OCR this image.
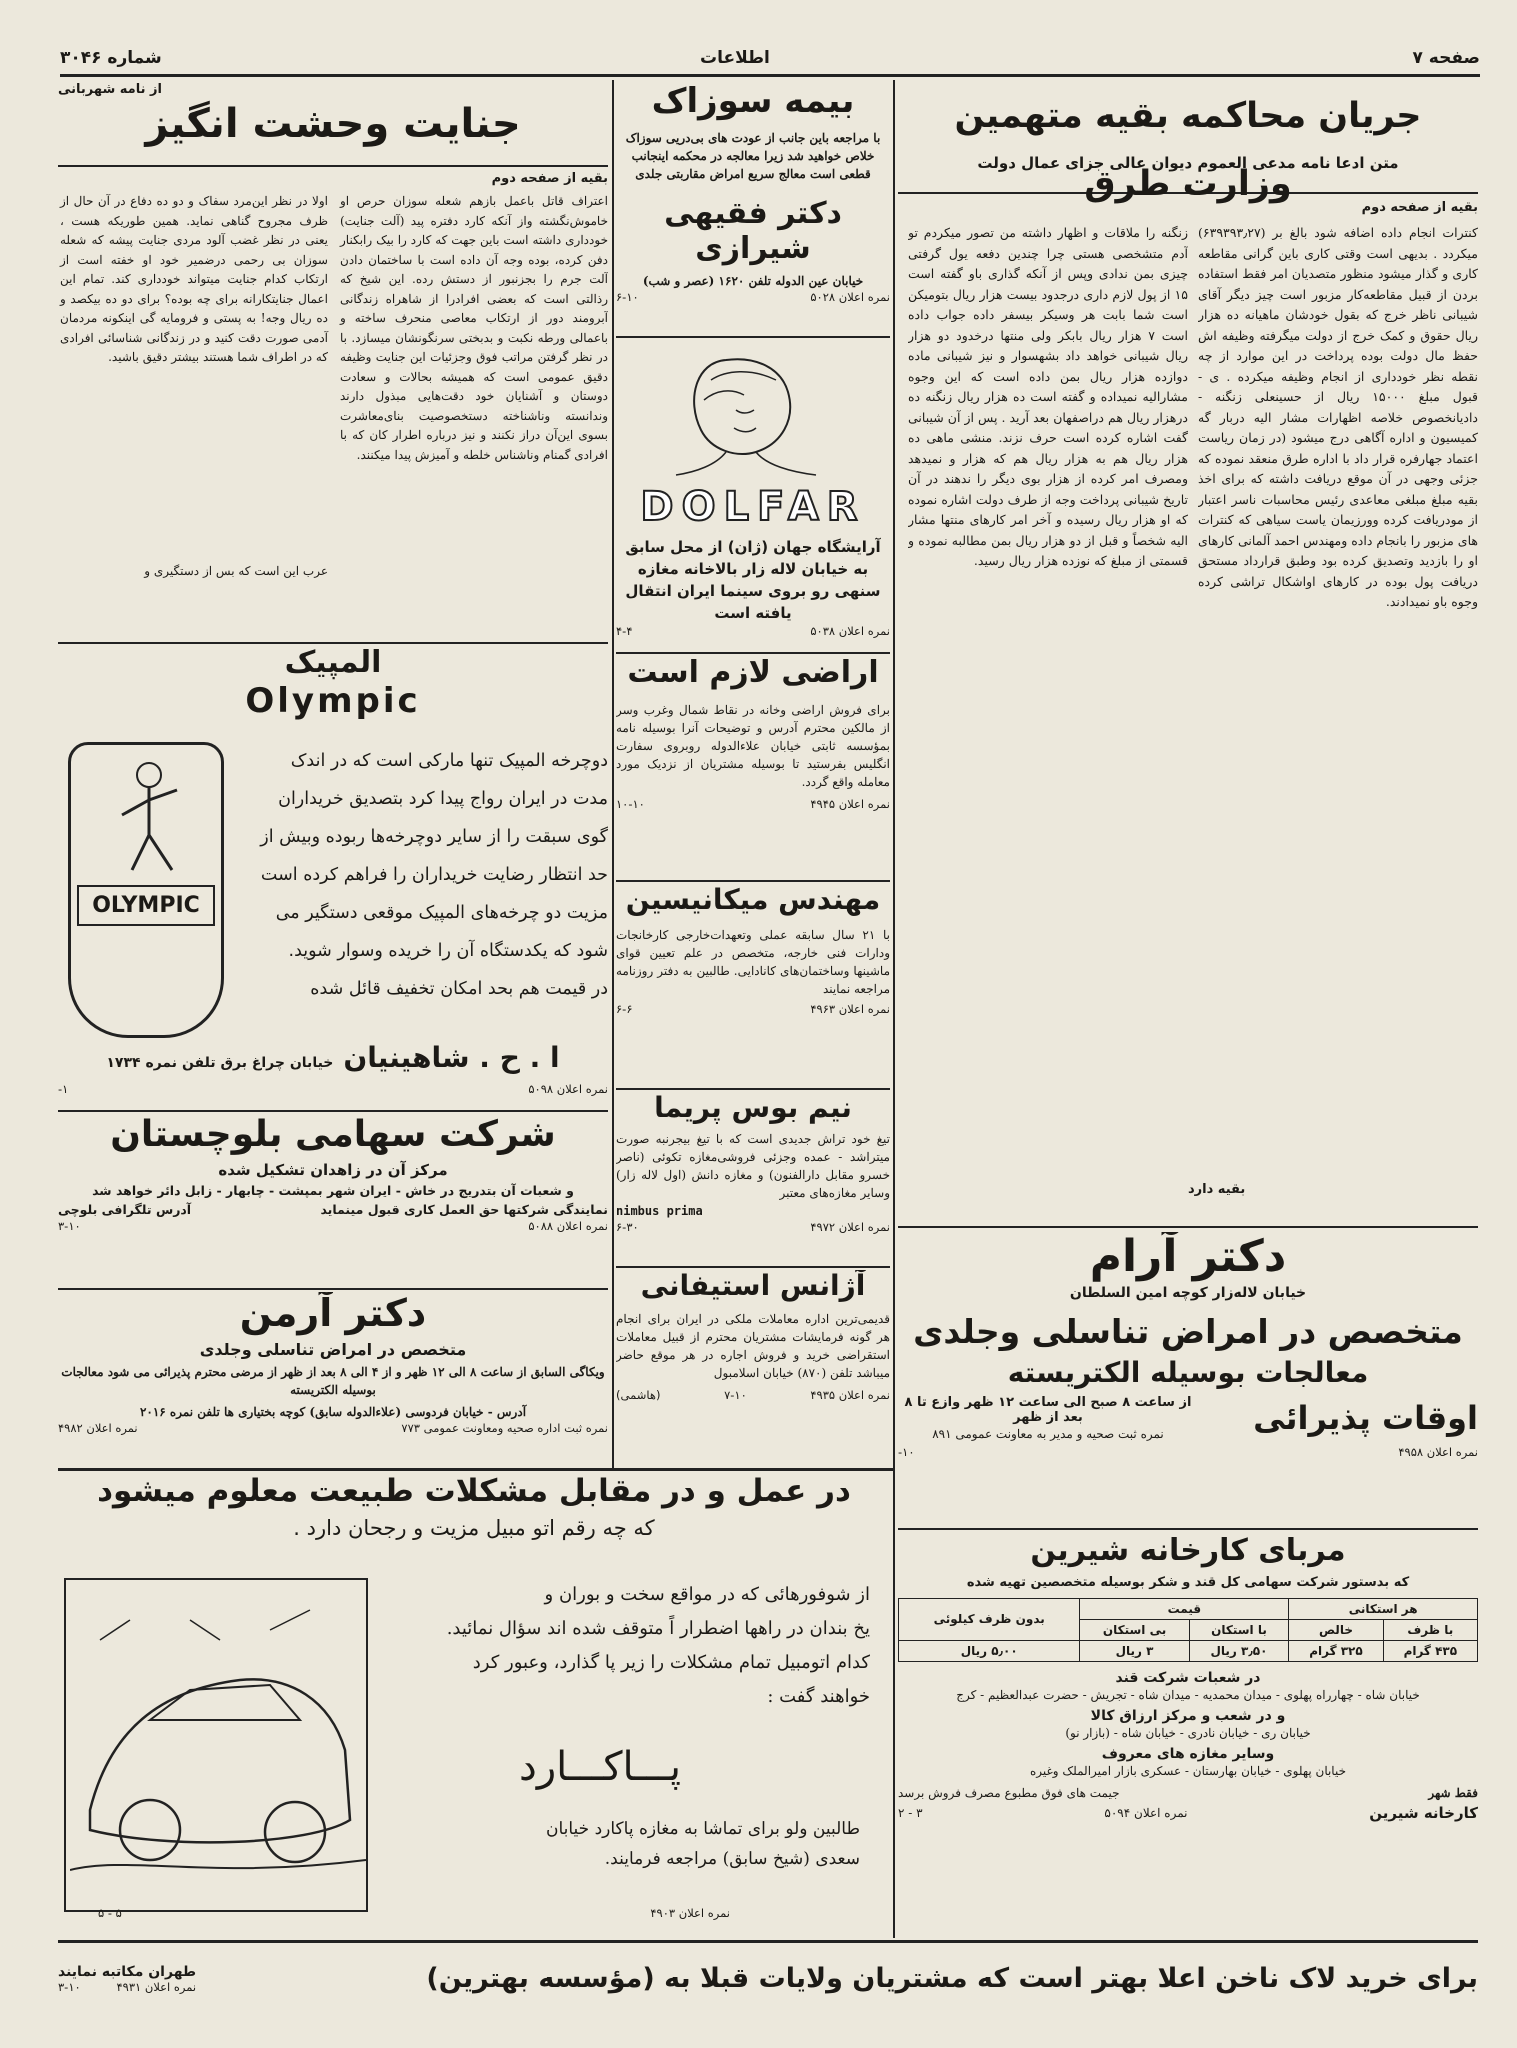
صفحه ۷
اطلاعات
شماره ۳۰۴۶
جریان محاکمه بقیه متهمین وزارت طرق
متن ادعا نامه مدعی العموم دیوان عالی جزای عمال دولت
بقیه از صفحه دوم
کنترات انجام داده اضافه شود بالغ بر (۶۳۹۳۹۳٫۲۷) میکردد . بدیهی است وقتی کاری باین گرانی مقاطعه کاری و گذار میشود منظور متصدیان امر فقط استفاده بردن از قبیل مقاطعه‌کار مزبور است چیز دیگر آقای شیبانی ناظر خرج که بقول خودشان ماهیانه ده هزار ریال حقوق و کمک خرج از دولت میگرفته وظیفه اش حفظ مال دولت بوده پرداخت در این موارد از چه نقطه نظر خودداری از انجام وظیفه میکرده . ی - قبول مبلغ ۱۵۰۰۰ ریال از حسینعلی زنگنه - دادیانخصوص خلاصه اظهارات مشار الیه دربار گه کمیسیون و اداره آگاهی درج میشود (در زمان ریاست اعتماد جهارفره قرار داد با اداره طرق منعقد نموده که جزئی وجهی در آن موقع دریافت داشته که برای اخذ بقیه مبلغ مبلغی معاعدی رئیس محاسبات ناسر اعتبار از مودریافت کرده وورزیمان یاست سیاهی که کنترات های مزبور را بانجام داده ومهندس احمد آلمانی کارهای او را بازدید وتصدیق کرده بود وطبق قرارداد مستحق دریافت پول بوده در کارهای اواشکال تراشی کرده وجوه باو نمیدادند.
زنگنه را ملاقات و اظهار داشته من تصور میکردم تو آدم متشخصی هستی چرا چندین دفعه یول گرفتی چیزی بمن ندادی وپس از آنکه گذاری باو گفته است ۱۵ از پول لازم داری درجدود بیست هزار ریال بتومیکن است شما بابت هر وسیکر بیسفر داده جواب داده است ۷ هزار ریال بابکر ولی منتها درخدود دو هزار ریال شیبانی خواهد داد بشهسوار و نیز شیبانی ماده دوازده هزار ریال بمن داده است که این وجوه مشارالیه نمیداده و گفته است ده هزار ریال زنگنه ده درهزار ریال هم دراصفهان بعد آرید . پس از آن شیبانی گفت اشاره کرده است حرف نزند. منشی ماهی ده هزار ریال هم به هزار ریال هم که هزار و نمیدهد ومصرف امر کرده از هزار بوی دیگر را ندهند در آن تاریخ شیبانی پرداخت وجه از طرف دولت اشاره نموده که او هزار ریال رسیده و آخر امر کارهای منتها مشار الیه شخصاً و قبل از دو هزار ریال بمن مطالبه نموده و قسمتی از مبلغ که نوزده هزار ریال رسید.
بقیه دارد
دکتر آرام
خیابان لاله‌زار کوچه امین السلطان
متخصص در امراض تناسلی وجلدی
معالجات بوسیله الکتریسته
اوقات پذیرائی
از ساعت ۸ صبح الی ساعت ۱۲ ظهر وازع تا ۸ بعد از ظهر
نمره ثبت صحیه و مدیر به معاونت عمومی ۸۹۱
نمره اعلان ۴۹۵۸
۱۰-
مربای کارخانه شیرین
که بدستور شرکت سهامی کل قند و شکر بوسیله متخصصین تهیه شده
هر استکانی		قیمت		بدون ظرف کیلوئی
با ظرف	خالص	با استکان	بی استکان	
۴۳۵ گرام	۳۲۵ گرام	۳٫۵۰ ریال	۳ ریال	۵٫۰۰ ریال
در شعبات شرکت قند
خیابان شاه - چهارراه پهلوی - میدان محمدیه - میدان شاه - تجریش - حضرت عبدالعظیم - کرج
و در شعب و مرکز ارزاق کالا
خیابان ری - خیابان نادری - خیابان شاه - (بازار نو)
وسایر مغازه های معروف
خیابان پهلوی - خیابان بهارستان - عسکری بازار امیرالملک وغیره
فقط شهر
جیمت های فوق مطبوع مصرف فروش برسد
کارخانه شیرین
نمره اعلان ۵۰۹۴
۳ - ۲
بیمه سوزاک
با مراجعه باین جانب از عودت های بی‌دریی سوزاک خلاص خواهید شد زیرا معالجه در محکمه اینجانب قطعی است معالج سریع امراض مقاربتی جلدی
دکتر فقیهی شیرازی
خیابان عین الدوله تلفن ۱۶۲۰ (عصر و شب)
نمره اعلان ۵۰۲۸
۶-۱۰
DOLFAR
آرایشگاه جهان (ژان) از محل سابق به خیابان لاله زار بالاخانه مغازه سنهی رو بروی سینما ایران انتقال یافته است
نمره اعلان ۵۰۳۸
۴-۴
اراضی لازم است
برای فروش اراضی وخانه در نقاط شمال وغرب وسر از مالکین محترم آدرس و توضیحات آنرا بوسیله نامه بمؤسسه ثابتی خیابان علاءالدوله روبروی سفارت انگلیس بفرستید تا بوسیله مشتریان از نزدیک مورد معامله واقع گردد.
نمره اعلان ۴۹۴۵
۱۰-۱۰
مهندس میکانیسین
با ۲۱ سال سابقه عملی وتعهدات‌خارجی کارخانجات ودارات فنی خارجه، متخصص در علم تعیین قوای ماشینها وساختمان‌های کانادایی. طالبین به دفتر روزنامه مراجعه نمایند
نمره اعلان ۴۹۶۳
۶-۶
نیم بوس پریما
تیغ خود تراش جدیدی است که با تیغ بیجرنبه صورت میتراشد - عمده وجزئی فروشی‌مغازه تکوئی (ناصر خسرو مقابل دارالفنون) و مغازه دانش (اول لاله زار) وسایر مغازه‌های معتبر
nimbus prima
نمره اعلان ۴۹۷۲
۶-۳۰
آژانس استیفانی
قدیمی‌ترین اداره معاملات ملکی در ایران برای انجام هر گونه فرمایشات مشتریان محترم از قبیل معاملات استقراضی خرید و فروش اجاره در هر موقع حاضر میباشد تلفن (۸۷۰) خیابان اسلامبول
نمره اعلان ۴۹۳۵
۷-۱۰
(هاشمی)
از نامه شهربانی
جنایت وحشت انگیز
بقیه از صفحه دوم
اعتراف قاتل باعمل بازهم شعله سوزان حرص او خاموش‌نگشته واز آنکه کارد دفتره پید (آلت جنایت) خودداری داشته است باین جهت که کارد را بیک رابکنار دفن کرده، بوده وجه آن داده است با ساختمان دادن آلت جرم را بجزنبور از دستش رده. این شیخ که رذالتی است که بعضی افرادرا از شاهراه زندگانی آبرومند دور از ارتکاب معاصی منحرف ساخته و باعمالی ورطه نکبت و بدبختی سرنگونشان میسازد. با در نظر گرفتن مراتب فوق وجزئیات این جنایت وظیفه دقیق عمومی است که همیشه بحالات و سعادت دوستان و آشنایان خود دقت‌هایی مبذول دارند وندانسته وناشناخته دستخصوصیت بنای‌معاشرت بسوی این‌آن دراز نکنند و نیز درباره اطرار کان که با افرادی گمنام وناشناس خلطه و آمیزش پیدا میکنند.
اولا در نظر این‌مرد سفاک و دو ده دفاع در آن حال از ظرف مجروح گناهی نماید. همین طوریکه هست ، یعنی در نظر غضب آلود مردی جنایت پیشه که شعله سوزان بی رحمی درضمیر خود او خفته است از ارتکاب کدام جنایت میتواند خودداری کند. تمام این اعمال جنایتکارانه برای چه بوده؟ برای دو ده بیکصد و ده ریال وجه! به پستی و فرومایه گی اینکونه مردمان آدمی صورت دقت کنید و در زندگانی شناسائی افرادی که در اطراف شما هستند بیشتر دقیق باشید.
عرب این است که بس از دستگیری و
المپیک
Olympic
OLYMPIC
دوچرخه المپیک تنها مارکی است که در اندک
مدت در ایران رواج پیدا کرد بتصدیق خریداران
گوی سبقت را از سایر دوچرخه‌ها ربوده وبیش از
حد انتظار رضایت خریداران را فراهم کرده است
مزیت دو چرخه‌های المپیک موقعی دستگیر می
شود که یکدستگاه آن را خریده وسوار شوید.
در قیمت هم بحد امکان تخفیف قائل شده
ا . ح . شاهینیان
خیابان چراغ برق تلفن نمره ۱۷۳۴
نمره اعلان ۵۰۹۸
۱-
شرکت سهامی بلوچستان
مرکز آن در زاهدان تشکیل شده
و شعبات آن بتدریج در خاش - ایران شهر بمپشت - چابهار - زابل دائر خواهد شد
نمایندگی شرکتها حق العمل کاری قبول مینماید
آدرس تلگرافی بلوچی
نمره اعلان ۵۰۸۸
۳-۱۰
دکتر آرمن
متخصص در امراض تناسلی وجلدی
ویکاگی السابق از ساعت ۸ الی ۱۲ ظهر و از ۴ الی ۸ بعد از ظهر از مرضی محترم پذیرائی می شود معالجات بوسیله الکتریسته
آدرس - خیابان فردوسی (علاءالدوله سابق) کوچه بختیاری ها تلفن نمره ۲۰۱۶
نمره ثبت اداره صحیه ومعاونت عمومی ۷۷۳
نمره اعلان ۴۹۸۲
در عمل و در مقابل مشکلات طبیعت معلوم میشود
که چه رقم اتو مبیل مزیت و رجحان دارد .
از شوفورهائی که در مواقع سخت و بوران و
یخ بندان در راهها اضطرار اً متوقف شده اند سؤال نمائید.
کدام اتومبیل تمام مشکلات را زیر پا گذارد، وعبور کرد
خواهند گفت :
پـــاکـــارد
طالبین ولو برای تماشا به مغازه پاکارد خیابان
سعدی (شیخ سابق) مراجعه فرمایند.
نمره اعلان ۴۹۰۳
۵ - ۵
برای خرید لاک ناخن اعلا بهتر است که مشتریان ولایات قبلا به (مؤسسه بهترین)
طهران مکاتبه نمایند
نمره اعلان ۴۹۳۱
۳-۱۰
